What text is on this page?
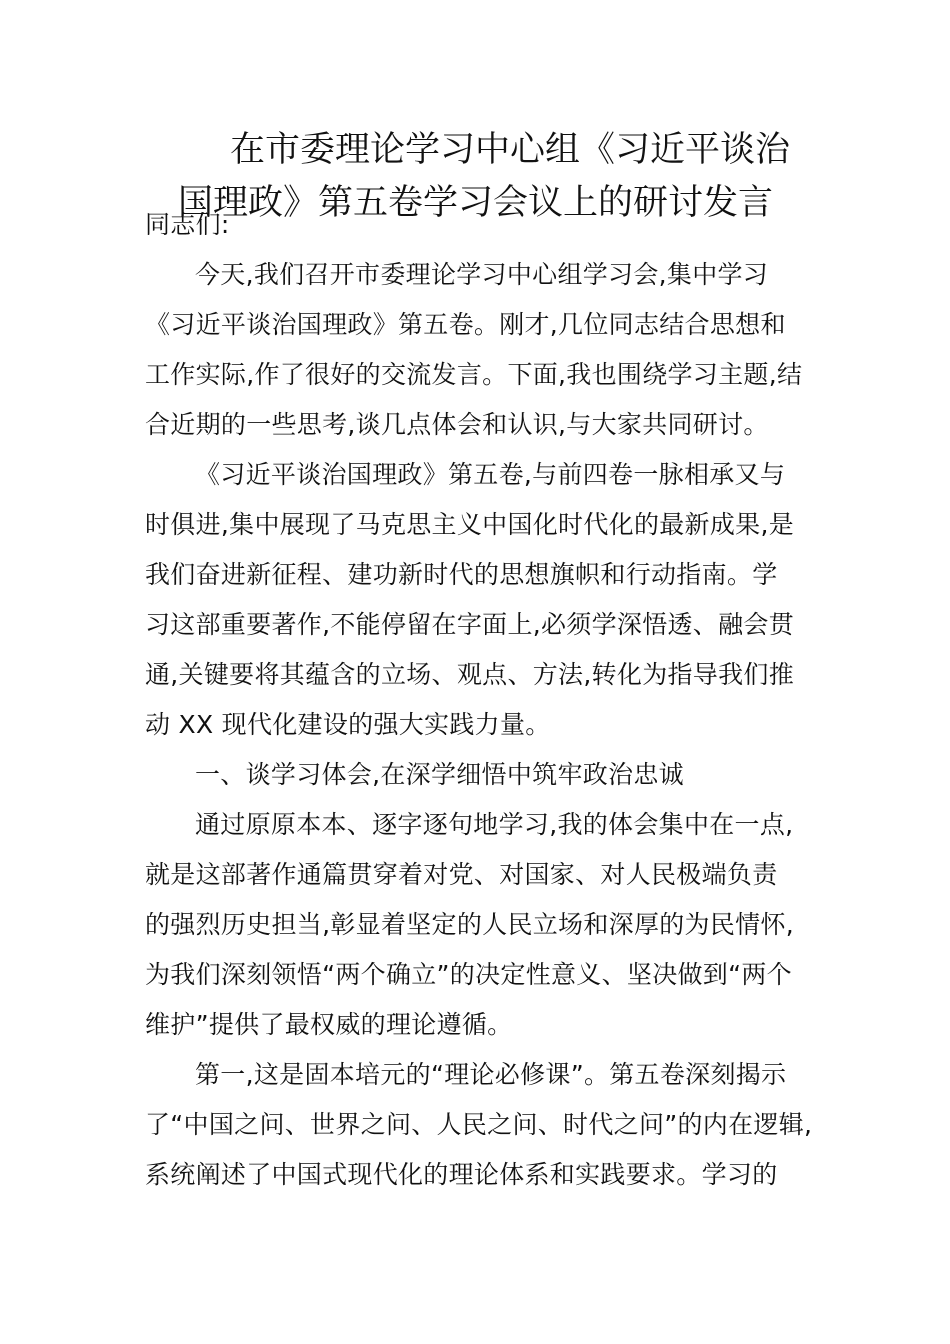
在市委理论学习中心组《习近平谈治
国理政》第五卷学习会议上的研讨发言
同志们:
今天,我们召开市委理论学习中心组学习会,集中学习
《习近平谈治国理政》第五卷。刚才,几位同志结合思想和
工作实际,作了很好的交流发言。下面,我也围绕学习主题,结
合近期的一些思考,谈几点体会和认识,与大家共同研讨。
《习近平谈治国理政》第五卷,与前四卷一脉相承又与
时俱进,集中展现了马克思主义中国化时代化的最新成果,是
我们奋进新征程、建功新时代的思想旗帜和行动指南。学
习这部重要著作,不能停留在字面上,必须学深悟透、融会贯
通,关键要将其蕴含的立场、观点、方法,转化为指导我们推
动 XX 现代化建设的强大实践力量。
一、谈学习体会,在深学细悟中筑牢政治忠诚
通过原原本本、逐字逐句地学习,我的体会集中在一点,
就是这部著作通篇贯穿着对党、对国家、对人民极端负责
的强烈历史担当,彰显着坚定的人民立场和深厚的为民情怀,
为我们深刻领悟“两个确立”的决定性意义、坚决做到“两个
维护”提供了最权威的理论遵循。
第一,这是固本培元的“理论必修课”。第五卷深刻揭示
了“中国之问、世界之问、人民之问、时代之问”的内在逻辑,
系统阐述了中国式现代化的理论体系和实践要求。学习的
